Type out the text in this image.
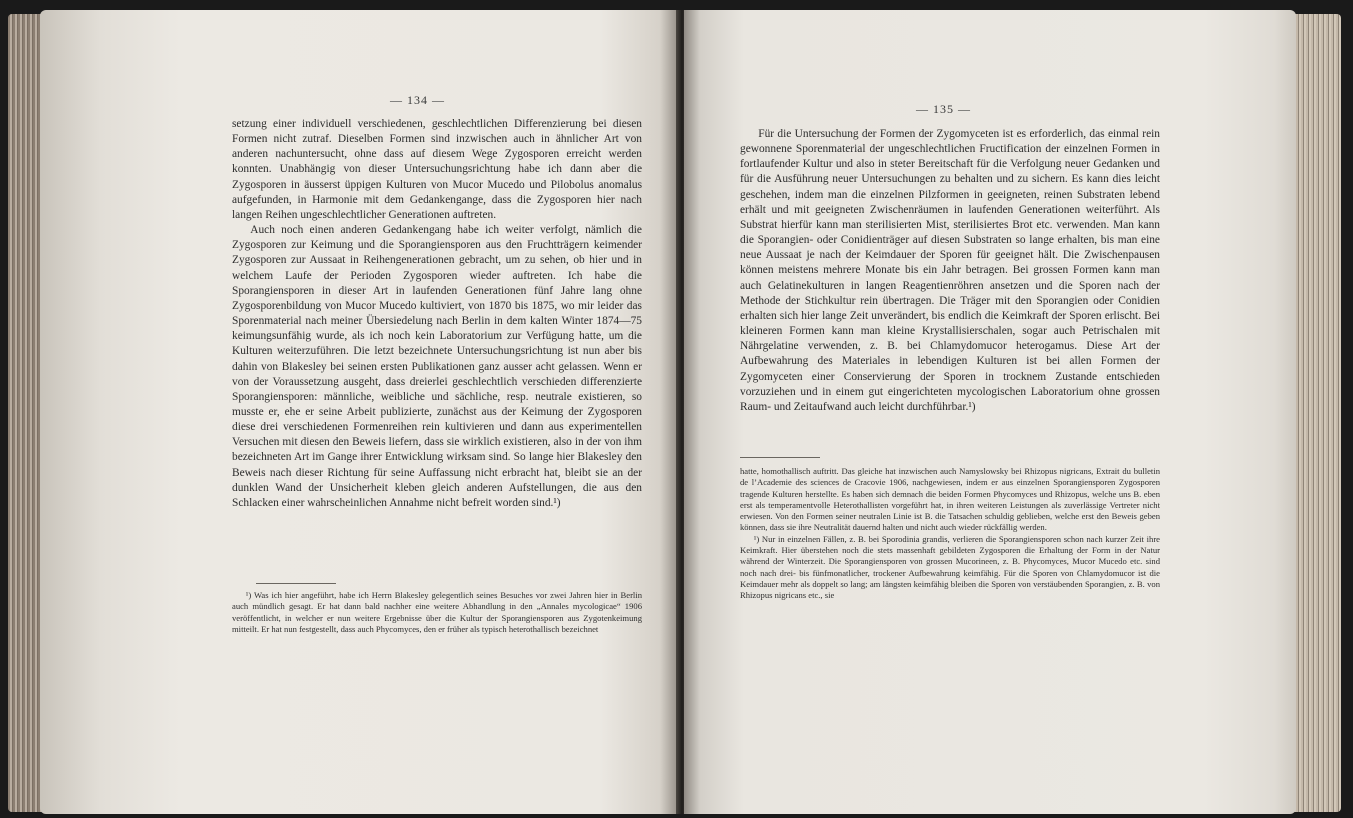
— 134 —

setzung einer individuell verschiedenen, geschlechtlichen Differenzierung bei diesen Formen nicht zutraf. Dieselben Formen sind inzwischen auch in ähnlicher Art von anderen nachuntersucht, ohne dass auf diesem Wege Zygosporen erreicht werden konnten. Unabhängig von dieser Untersuchungsrichtung habe ich dann aber die Zygosporen in äusserst üppigen Kulturen von Mucor Mucedo und Pilobolus anomalus aufgefunden, in Harmonie mit dem Gedankengange, dass die Zygosporen hier nach langen Reihen ungeschlechtlicher Generationen auftreten.

Auch noch einen anderen Gedankengang habe ich weiter verfolgt, nämlich die Zygosporen zur Keimung und die Sporangiensporen aus den Fruchtträgern keimender Zygosporen zur Aussaat in Reihengenerationen gebracht, um zu sehen, ob hier und in welchem Laufe der Perioden Zygosporen wieder auftreten. Ich habe die Sporangiensporen in dieser Art in laufenden Generationen fünf Jahre lang ohne Zygosporenbildung von Mucor Mucedo kultiviert, von 1870 bis 1875, wo mir leider das Sporenmaterial nach meiner Übersiedelung nach Berlin in dem kalten Winter 1874—75 keimungsunfähig wurde, als ich noch kein Laboratorium zur Verfügung hatte, um die Kulturen weiterzuführen. Die letzt bezeichnete Untersuchungsrichtung ist nun aber bis dahin von Blakesley bei seinen ersten Publikationen ganz ausser acht gelassen. Wenn er von der Voraussetzung ausgeht, dass dreierlei geschlechtlich verschieden differenzierte Sporangiensporen: männliche, weibliche und sächliche, resp. neutrale existieren, so musste er, ehe er seine Arbeit publizierte, zunächst aus der Keimung der Zygosporen diese drei verschiedenen Formenreihen rein kultivieren und dann aus experimentellen Versuchen mit diesen den Beweis liefern, dass sie wirklich existieren, also in der von ihm bezeichneten Art im Gange ihrer Entwicklung wirksam sind. So lange hier Blakesley den Beweis nach dieser Richtung für seine Auffassung nicht erbracht hat, bleibt sie an der dunklen Wand der Unsicherheit kleben gleich anderen Aufstellungen, die aus den Schlacken einer wahrscheinlichen Annahme nicht befreit worden sind.¹)

¹) Was ich hier angeführt, habe ich Herrn Blakesley gelegentlich seines Besuches vor zwei Jahren hier in Berlin auch mündlich gesagt. Er hat dann bald nachher eine weitere Abhandlung in den „Annales mycologicae“ 1906 veröffentlicht, in welcher er nun weitere Ergebnisse über die Kultur der Sporangiensporen aus Zygotenkeimung mitteilt. Er hat nun festgestellt, dass auch Phycomyces, den er früher als typisch heterothallisch bezeichnet

— 135 —

Für die Untersuchung der Formen der Zygomyceten ist es erforderlich, das einmal rein gewonnene Sporenmaterial der ungeschlechtlichen Fructification der einzelnen Formen in fortlaufender Kultur und also in steter Bereitschaft für die Verfolgung neuer Gedanken und für die Ausführung neuer Untersuchungen zu behalten und zu sichern. Es kann dies leicht geschehen, indem man die einzelnen Pilzformen in geeigneten, reinen Substraten lebend erhält und mit geeigneten Zwischenräumen in laufenden Generationen weiterführt. Als Substrat hierfür kann man sterilisierten Mist, sterilisiertes Brot etc. verwenden. Man kann die Sporangien- oder Conidienträger auf diesen Substraten so lange erhalten, bis man eine neue Aussaat je nach der Keimdauer der Sporen für geeignet hält. Die Zwischenpausen können meistens mehrere Monate bis ein Jahr betragen. Bei grossen Formen kann man auch Gelatinekulturen in langen Reagentienröhren ansetzen und die Sporen nach der Methode der Stichkultur rein übertragen. Die Träger mit den Sporangien oder Conidien erhalten sich hier lange Zeit unverändert, bis endlich die Keimkraft der Sporen erlischt. Bei kleineren Formen kann man kleine Krystallisierschalen, sogar auch Petrischalen mit Nährgelatine verwenden, z. B. bei Chlamydomucor heterogamus. Diese Art der Aufbewahrung des Materiales in lebendigen Kulturen ist bei allen Formen der Zygomyceten einer Conservierung der Sporen in trocknem Zustande entschieden vorzuziehen und in einem gut eingerichteten mycologischen Laboratorium ohne grossen Raum- und Zeitaufwand auch leicht durchführbar.¹)

hatte, homothallisch auftritt. Das gleiche hat inzwischen auch Namyslowsky bei Rhizopus nigricans, Extrait du bulletin de l’Academie des sciences de Cracovie 1906, nachgewiesen, indem er aus einzelnen Sporangiensporen Zygosporen tragende Kulturen herstellte. Es haben sich demnach die beiden Formen Phycomyces und Rhizopus, welche uns B. eben erst als temperamentvolle Heterothallisten vorgeführt hat, in ihren weiteren Leistungen als zuverlässige Vertreter nicht erwiesen. Von den Formen seiner neutralen Linie ist B. die Tatsachen schuldig geblieben, welche erst den Beweis geben können, dass sie ihre Neutralität dauernd halten und nicht auch wieder rückfällig werden.

¹) Nur in einzelnen Fällen, z. B. bei Sporodinia grandis, verlieren die Sporangiensporen schon nach kurzer Zeit ihre Keimkraft. Hier überstehen noch die stets massenhaft gebildeten Zygosporen die Erhaltung der Form in der Natur während der Winterzeit. Die Sporangiensporen von grossen Mucorineen, z. B. Phycomyces, Mucor Mucedo etc. sind noch nach drei- bis fünfmonatlicher, trockener Aufbewahrung keimfähig. Für die Sporen von Chlamydomucor ist die Keimdauer mehr als doppelt so lang; am längsten keimfähig bleiben die Sporen von verstäubenden Sporangien, z. B. von Rhizopus nigricans etc., sie
